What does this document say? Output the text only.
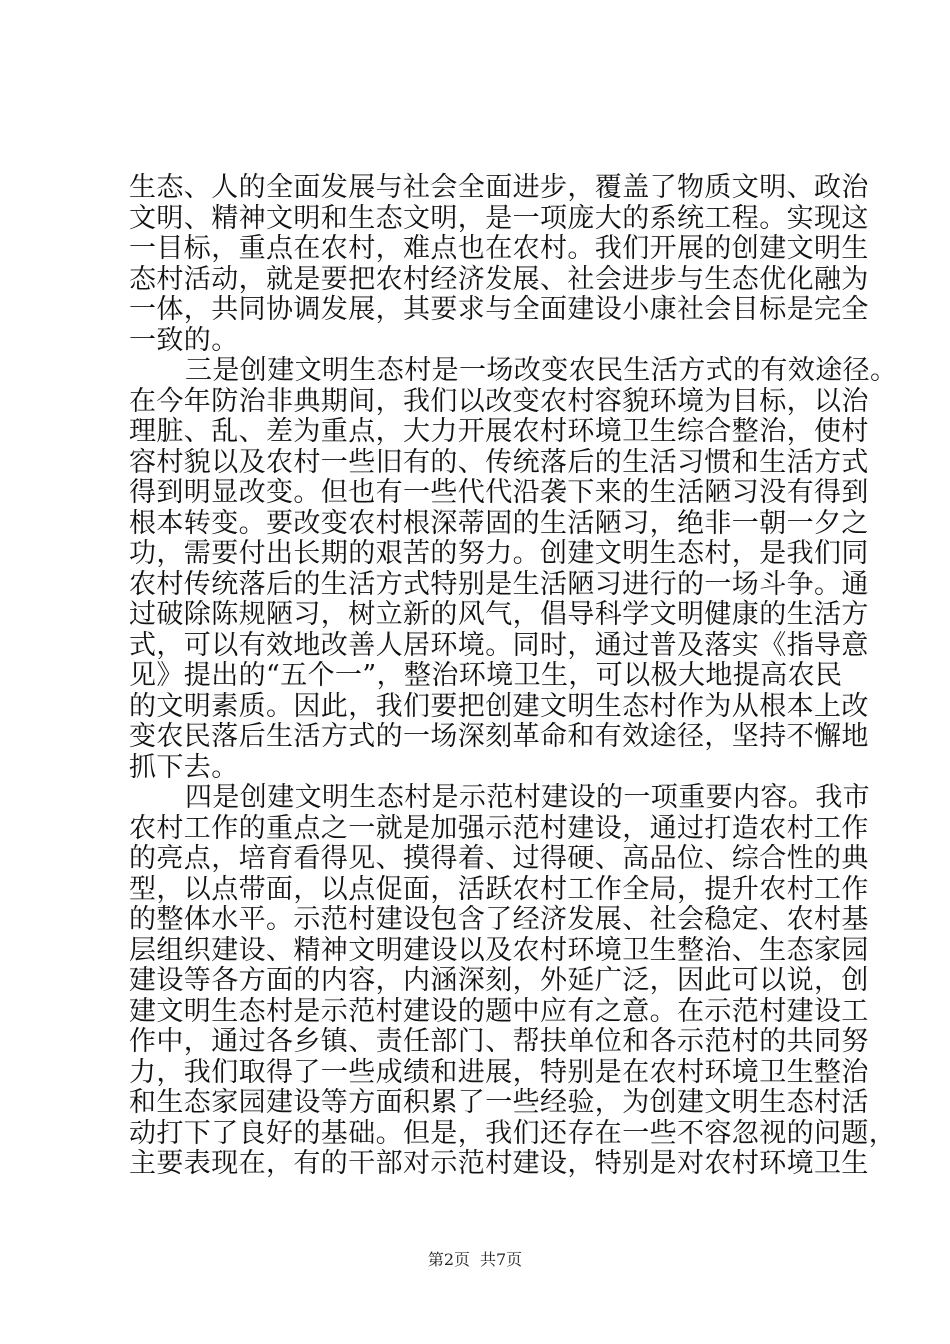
生态、人的全面发展与社会全面进步，覆盖了物质文明、政治
文明、精神文明和生态文明，是一项庞大的系统工程。实现这
一目标，重点在农村，难点也在农村。我们开展的创建文明生
态村活动，就是要把农村经济发展、社会进步与生态优化融为
一体，共同协调发展，其要求与全面建设小康社会目标是完全
一致的。
三是创建文明生态村是一场改变农民生活方式的有效途径。
在今年防治非典期间，我们以改变农村容貌环境为目标，以治
理脏、乱、差为重点，大力开展农村环境卫生综合整治，使村
容村貌以及农村一些旧有的、传统落后的生活习惯和生活方式
得到明显改变。但也有一些代代沿袭下来的生活陋习没有得到
根本转变。要改变农村根深蒂固的生活陋习，绝非一朝一夕之
功，需要付出长期的艰苦的努力。创建文明生态村，是我们同
农村传统落后的生活方式特别是生活陋习进行的一场斗争。通
过破除陈规陋习，树立新的风气，倡导科学文明健康的生活方
式，可以有效地改善人居环境。同时，通过普及落实《指导意
见》提出的“五个一”，整治环境卫生，可以极大地提高农民
的文明素质。因此，我们要把创建文明生态村作为从根本上改
变农民落后生活方式的一场深刻革命和有效途径，坚持不懈地
抓下去。
四是创建文明生态村是示范村建设的一项重要内容。我市
农村工作的重点之一就是加强示范村建设，通过打造农村工作
的亮点，培育看得见、摸得着、过得硬、高品位、综合性的典
型，以点带面，以点促面，活跃农村工作全局，提升农村工作
的整体水平。示范村建设包含了经济发展、社会稳定、农村基
层组织建设、精神文明建设以及农村环境卫生整治、生态家园
建设等各方面的内容，内涵深刻，外延广泛，因此可以说，创
建文明生态村是示范村建设的题中应有之意。在示范村建设工
作中，通过各乡镇、责任部门、帮扶单位和各示范村的共同努
力，我们取得了一些成绩和进展，特别是在农村环境卫生整治
和生态家园建设等方面积累了一些经验，为创建文明生态村活
动打下了良好的基础。但是，我们还存在一些不容忽视的问题，
主要表现在，有的干部对示范村建设，特别是对农村环境卫生
第2页 共7页
